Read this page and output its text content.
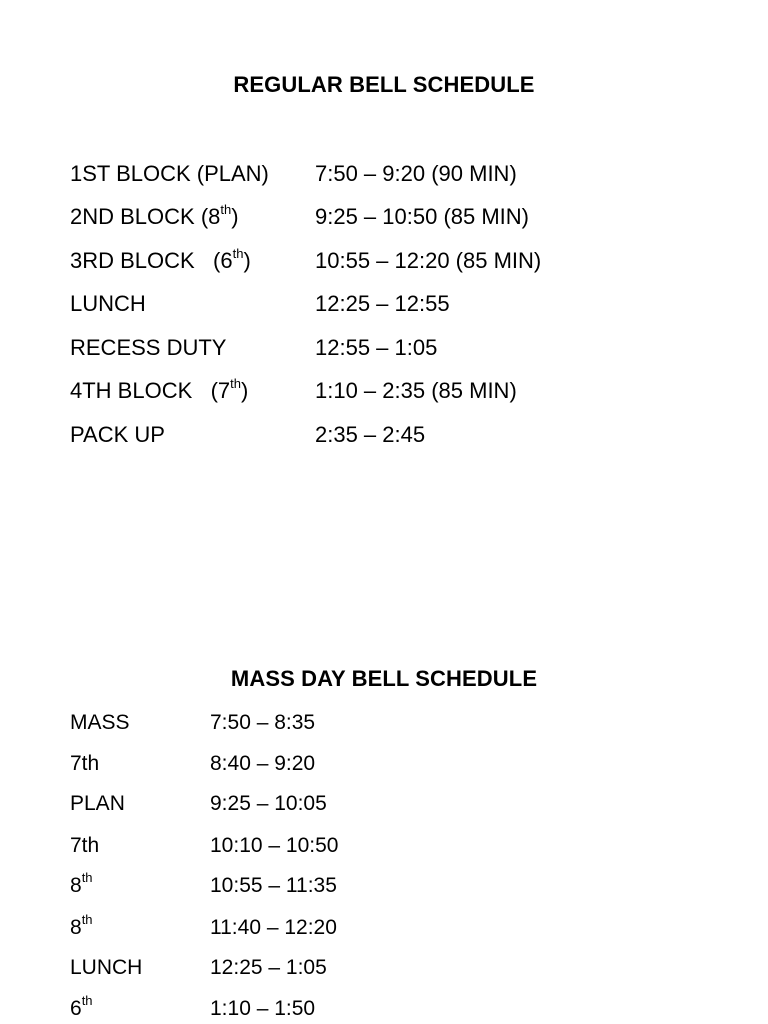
REGULAR BELL SCHEDULE
1ST BLOCK (PLAN) 7:50 – 9:20 (90 MIN)
2ND BLOCK (8th)	9:25 – 10:50 (85 MIN)
3RD BLOCK   (6th)	10:55 – 12:20 (85 MIN)
LUNCH	12:25 – 12:55
RECESS DUTY	12:55 – 1:05
4TH BLOCK   (7th)	1:10 – 2:35 (85 MIN)
PACK UP	2:35 – 2:45
MASS DAY BELL SCHEDULE
MASS	7:50 – 8:35
7th	8:40 – 9:20
PLAN	9:25 – 10:05
7th	10:10 – 10:50
8th	10:55 – 11:35
8th	11:40 – 12:20
LUNCH	12:25 – 1:05
6th	1:10 – 1:50
